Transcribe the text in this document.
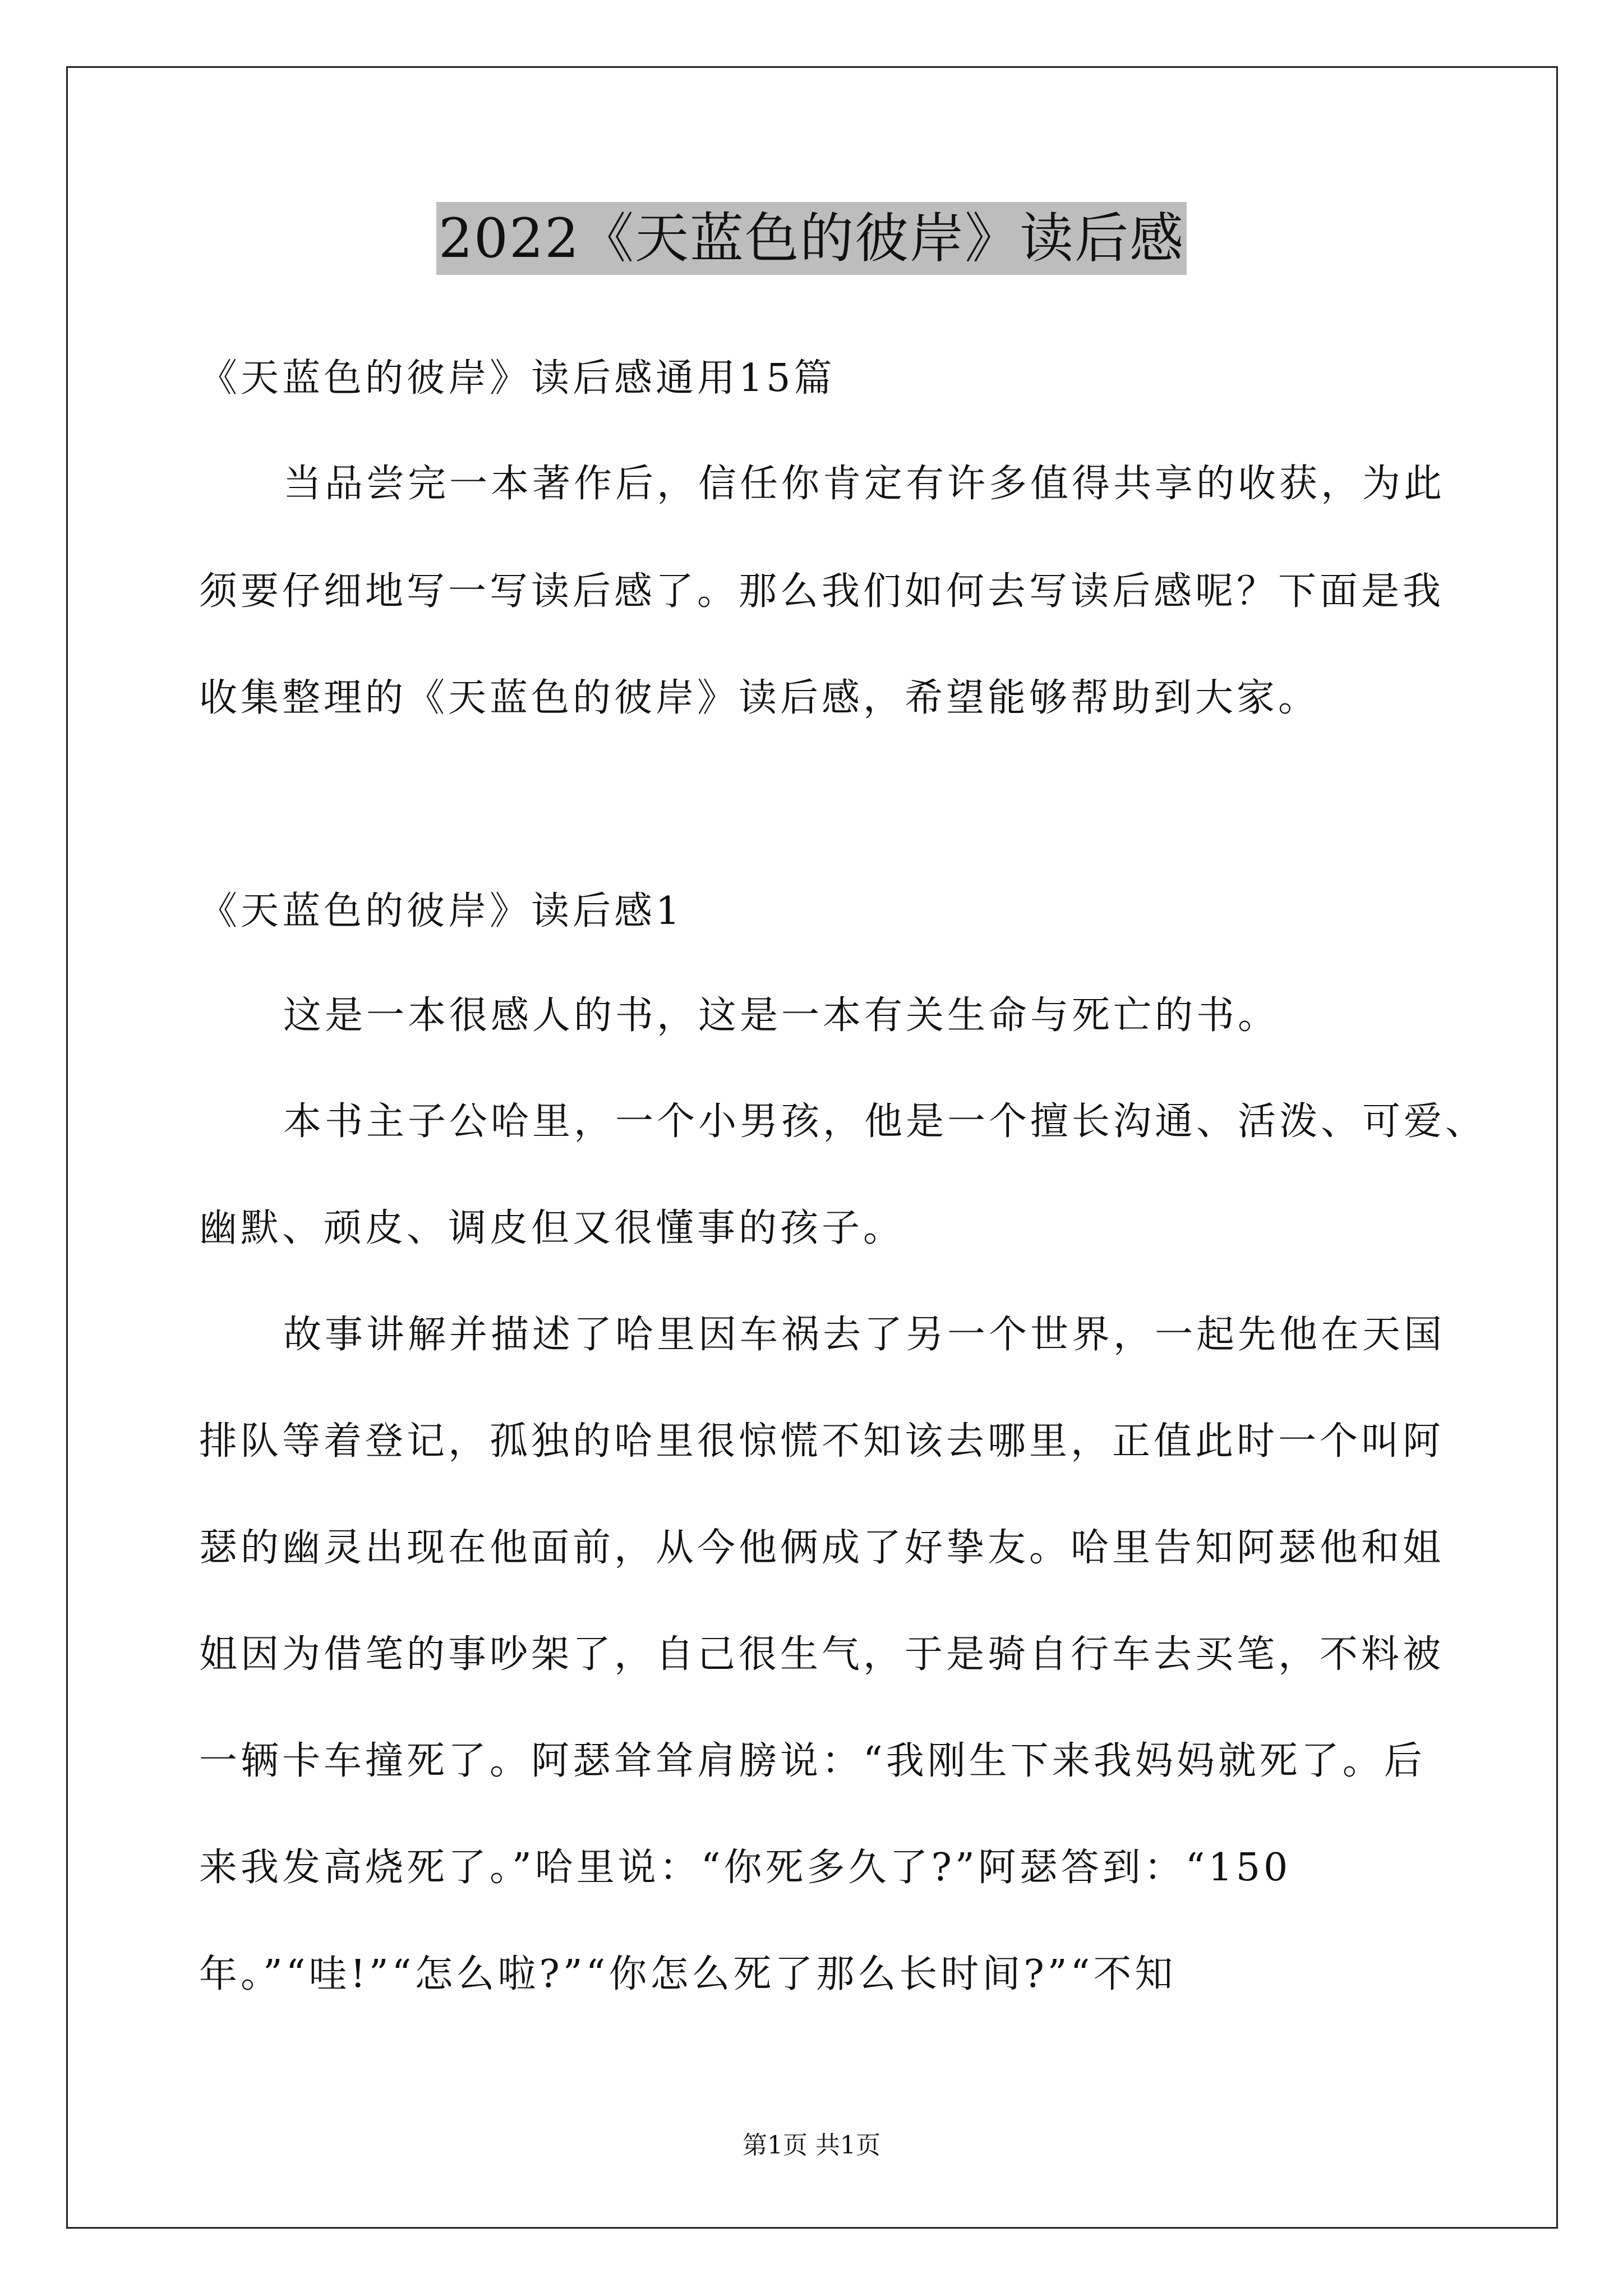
2022《天蓝色的彼岸》读后感
《天蓝色的彼岸》读后感通用15篇
当品尝完一本著作后，信任你肯定有许多值得共享的收获，为此
须要仔细地写一写读后感了。那么我们如何去写读后感呢？下面是我
收集整理的《天蓝色的彼岸》读后感，希望能够帮助到大家。
《天蓝色的彼岸》读后感1
这是一本很感人的书，这是一本有关生命与死亡的书。
本书主子公哈里，一个小男孩，他是一个擅长沟通、活泼、可爱、
幽默、顽皮、调皮但又很懂事的孩子。
故事讲解并描述了哈里因车祸去了另一个世界，一起先他在天国
排队等着登记，孤独的哈里很惊慌不知该去哪里，正值此时一个叫阿
瑟的幽灵出现在他面前，从今他俩成了好挚友。哈里告知阿瑟他和姐
姐因为借笔的事吵架了，自己很生气，于是骑自行车去买笔，不料被
一辆卡车撞死了。阿瑟耸耸肩膀说：“我刚生下来我妈妈就死了。后
来我发高烧死了。”哈里说：“你死多久了?”阿瑟答到：“150
年。”“哇!”“怎么啦?”“你怎么死了那么长时间?”“不知
第1页 共1页
